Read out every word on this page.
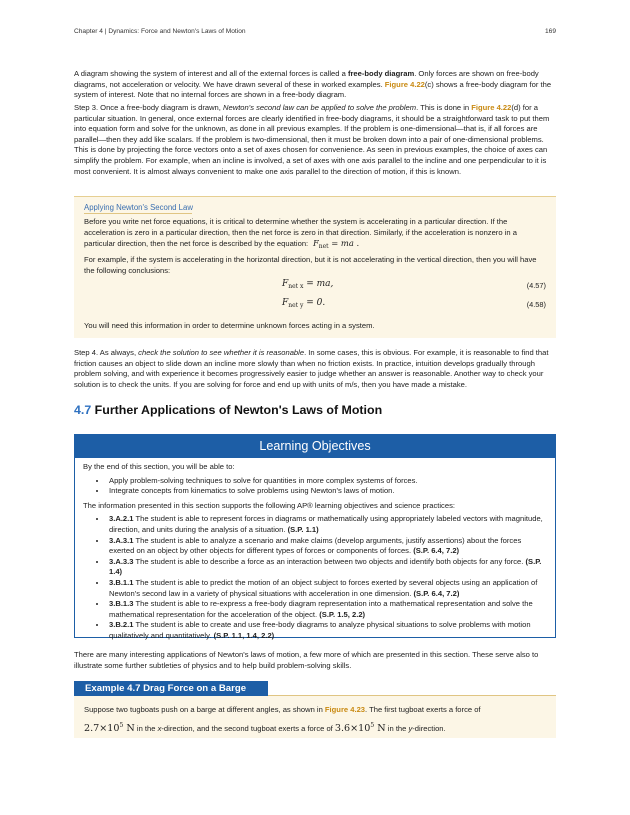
Chapter 4 | Dynamics: Force and Newton's Laws of Motion	169

A diagram showing the system of interest and all of the external forces is called a free-body diagram. Only forces are shown on free-body diagrams, not acceleration or velocity. We have drawn several of these in worked examples. Figure 4.22(c) shows a free-body diagram for the system of interest. Note that no internal forces are shown in a free-body diagram.

Step 3. Once a free-body diagram is drawn, Newton's second law can be applied to solve the problem. This is done in Figure 4.22(d) for a particular situation. In general, once external forces are clearly identified in free-body diagrams, it should be a straightforward task to put them into equation form and solve for the unknown, as done in all previous examples. If the problem is one-dimensional—that is, if all forces are parallel—then they add like scalars. If the problem is two-dimensional, then it must be broken down into a pair of one-dimensional problems. This is done by projecting the force vectors onto a set of axes chosen for convenience. As seen in previous examples, the choice of axes can simplify the problem. For example, when an incline is involved, a set of axes with one axis parallel to the incline and one perpendicular to it is most convenient. It is almost always convenient to make one axis parallel to the direction of motion, if this is known.

Applying Newton's Second Law

Before you write net force equations, it is critical to determine whether the system is accelerating in a particular direction. If the acceleration is zero in a particular direction, then the net force is zero in that direction. Similarly, if the acceleration is nonzero in a particular direction, then the net force is described by the equation: $F_{net}$ = ma .

For example, if the system is accelerating in the horizontal direction, but it is not accelerating in the vertical direction, then you will have the following conclusions:

$F_{net x}$ = ma,	(4.57)
$F_{net y} = 0$.	(4.58)

You will need this information in order to determine unknown forces acting in a system.

Step 4. As always, check the solution to see whether it is reasonable. In some cases, this is obvious. For example, it is reasonable to find that friction causes an object to slide down an incline more slowly than when no friction exists. In practice, intuition develops gradually through problem solving, and with experience it becomes progressively easier to judge whether an answer is reasonable. Another way to check your solution is to check the units. If you are solving for force and end up with units of m/s, then you have made a mistake.

4.7 Further Applications of Newton's Laws of Motion
Learning Objectives

By the end of this section, you will be able to:

• Apply problem-solving techniques to solve for quantities in more complex systems of forces.
• Integrate concepts from kinematics to solve problems using Newton's laws of motion.

The information presented in this section supports the following AP® learning objectives and science practices:

• 3.A.2.1 The student is able to represent forces in diagrams or mathematically using appropriately labeled vectors with magnitude, direction, and units during the analysis of a situation. (S.P. 1.1)
• 3.A.3.1 The student is able to analyze a scenario and make claims (develop arguments, justify assertions) about the forces exerted on an object by other objects for different types of forces or components of forces. (S.P. 6.4, 7.2)
• 3.A.3.3 The student is able to describe a force as an interaction between two objects and identify both objects for any force. (S.P. 1.4)
• 3.B.1.1 The student is able to predict the motion of an object subject to forces exerted by several objects using an application of Newton's second law in a variety of physical situations with acceleration in one dimension. (S.P. 6.4, 7.2)
• 3.B.1.3 The student is able to re-express a free-body diagram representation into a mathematical representation and solve the mathematical representation for the acceleration of the object. (S.P. 1.5, 2.2)
• 3.B.2.1 The student is able to create and use free-body diagrams to analyze physical situations to solve problems with motion qualitatively and quantitatively. (S.P. 1.1, 1.4, 2.2)

There are many interesting applications of Newton's laws of motion, a few more of which are presented in this section. These serve also to illustrate some further subtleties of physics and to help build problem-solving skills.

Example 4.7 Drag Force on a Barge

Suppose two tugboats push on a barge at different angles, as shown in Figure 4.23. The first tugboat exerts a force of
$2.7\times 10^5$ N in the x-direction, and the second tugboat exerts a force of $3.6\times 10^5$ N in the y-direction.
